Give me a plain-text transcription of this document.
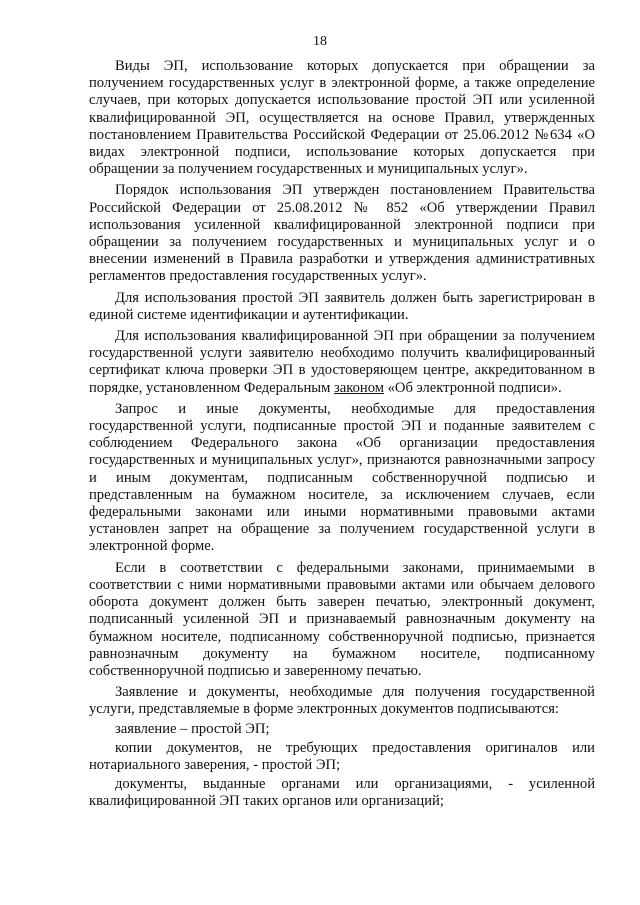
18

Виды ЭП, использование которых допускается при обращении за получением государственных услуг в электронной форме, а также определение случаев, при которых допускается использование простой ЭП или усиленной квалифицированной ЭП, осуществляется на основе Правил, утвержденных постановлением Правительства Российской Федерации от 25.06.2012 №634 «О видах электронной подписи, использование которых допускается при обращении за получением государственных и муниципальных услуг».

Порядок использования ЭП утвержден постановлением Правительства Российской Федерации от 25.08.2012 № 852 «Об утверждении Правил использования усиленной квалифицированной электронной подписи при обращении за получением государственных и муниципальных услуг и о внесении изменений в Правила разработки и утверждения административных регламентов предоставления государственных услуг».

Для использования простой ЭП заявитель должен быть зарегистрирован в единой системе идентификации и аутентификации.

Для использования квалифицированной ЭП при обращении за получением государственной услуги заявителю необходимо получить квалифицированный сертификат ключа проверки ЭП в удостоверяющем центре, аккредитованном в порядке, установленном Федеральным законом «Об электронной подписи».

Запрос и иные документы, необходимые для предоставления государственной услуги, подписанные простой ЭП и поданные заявителем с соблюдением Федерального закона «Об организации предоставления государственных и муниципальных услуг», признаются равнозначными запросу и иным документам, подписанным собственноручной подписью и представленным на бумажном носителе, за исключением случаев, если федеральными законами или иными нормативными правовыми актами установлен запрет на обращение за получением государственной услуги в электронной форме.

Если в соответствии с федеральными законами, принимаемыми в соответствии с ними нормативными правовыми актами или обычаем делового оборота документ должен быть заверен печатью, электронный документ, подписанный усиленной ЭП и признаваемый равнозначным документу на бумажном носителе, подписанному собственноручной подписью, признается равнозначным документу на бумажном носителе, подписанному собственноручной подписью и заверенному печатью.

Заявление и документы, необходимые для получения государственной услуги, представляемые в форме электронных документов подписываются:

заявление – простой ЭП;

копии документов, не требующих предоставления оригиналов или нотариального заверения, - простой ЭП;

документы, выданные органами или организациями, - усиленной квалифицированной ЭП таких органов или организаций;
